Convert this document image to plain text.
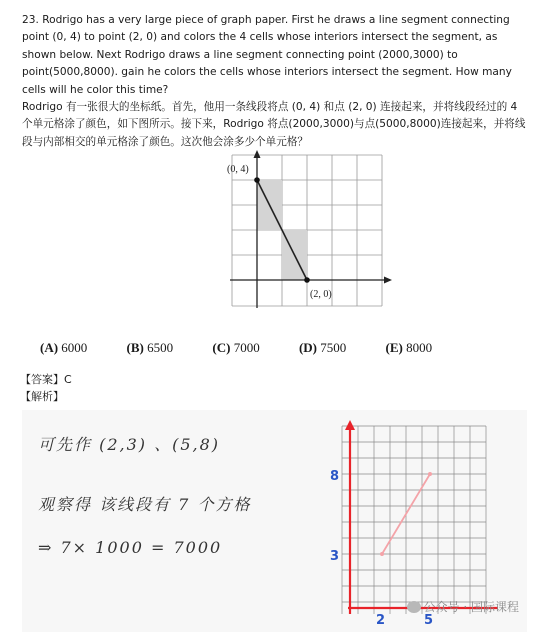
23. Rodrigo has a very large piece of graph paper. First he draws a line segment connecting point (0, 4) to point (2, 0) and colors the 4 cells whose interiors intersect the segment, as shown below. Next Rodrigo draws a line segment connecting point (2000,3000) to point(5000,8000). gain he colors the cells whose interiors intersect the segment. How many cells will he color this time?

Rodrigo 有一张很大的坐标纸。首先，他用一条线段将点 (0, 4) 和点 (2, 0) 连接起来，并将线段经过的 4 个单元格涂了颜色，如下图所示。接下来，Rodrigo 将点(2000,3000)与点(5000,8000)连接起来，并将线段与内部相交的单元格涂了颜色。这次他会涂多少个单元格？

(0, 4)
(2, 0)
(A) 6000	(B) 6500	(C) 7000	(D) 7500	(E) 8000
【答案】C
【解析】
可先作 (2,3) 、(5,8)
观察得 该线段有 7 个方格
⇒ 7× 1000 = 7000
8
3
2	5
公众号 · 国际课程
